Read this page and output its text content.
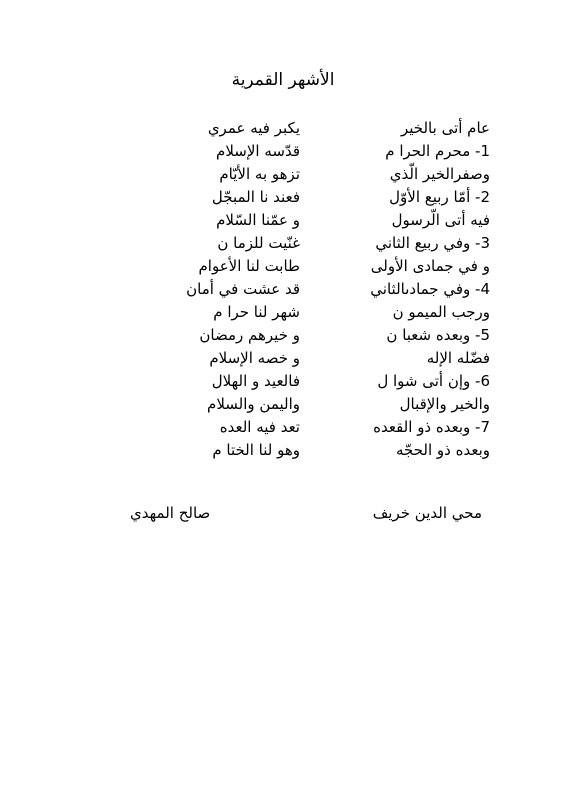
الأشهر القمرية
عام أتى بالخير
يكبر فيه عمري
1- محرم الحرا م
قدّسه الإسلام
وصفرالخير الّذي
تزهو به الأيّام
2- أمّا ربيع الأوّل
فعند نا المبجّل
فيه أتى الّرسول
و عمّنا السّلام
3- وفي ربيع الثاني
غنّيت للزما ن
و في جمادى الأولى
طابت لنا الأعوام
4- وفي جمادىالثاني
قد عشت في أمان
ورجب الميمو ن
شهر لنا حرا م
5- وبعده شعبا ن
و خيرهم رمضان
فضّله الإله
و خصه الإسلام
6- وإن أتى شوا ل
فالعيد و الهلال
والخير والإقبال
واليمن والسلام
7- وبعده ذو القعده
تعد فيه العده
وبعده ذو الحجّه
وهو لنا الختا م
محي الدين خريف
صالح المهدي
